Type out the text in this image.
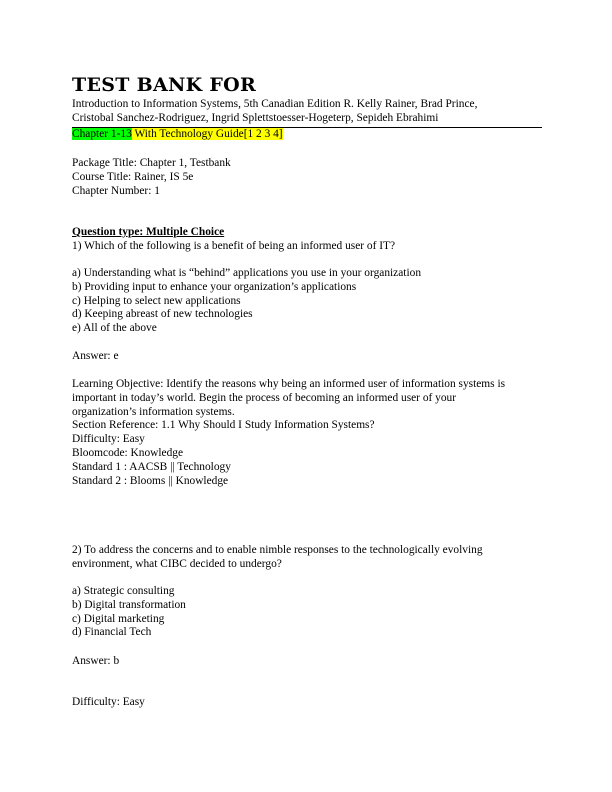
TEST BANK FOR

Introduction to Information Systems, 5th Canadian Edition R. Kelly Rainer, Brad Prince,

Cristobal Sanchez-Rodriguez, Ingrid Splettstoesser-Hogeterp, Sepideh Ebrahimi

Chapter 1-13 With Technology Guide[1 2 3 4]

Package Title: Chapter 1, Testbank

Course Title: Rainer, IS 5e

Chapter Number: 1

Question type: Multiple Choice

1) Which of the following is a benefit of being an informed user of IT?

a) Understanding what is “behind” applications you use in your organization

b) Providing input to enhance your organization’s applications

c) Helping to select new applications

d) Keeping abreast of new technologies

e) All of the above

Answer: e

Learning Objective: Identify the reasons why being an informed user of information systems is

important in today’s world. Begin the process of becoming an informed user of your

organization’s information systems.

Section Reference: 1.1 Why Should I Study Information Systems?

Difficulty: Easy

Bloomcode: Knowledge

Standard 1 : AACSB || Technology

Standard 2 : Blooms || Knowledge

2) To address the concerns and to enable nimble responses to the technologically evolving

environment, what CIBC decided to undergo?

a) Strategic consulting

b) Digital transformation

c) Digital marketing

d) Financial Tech

Answer: b

Difficulty: Easy
